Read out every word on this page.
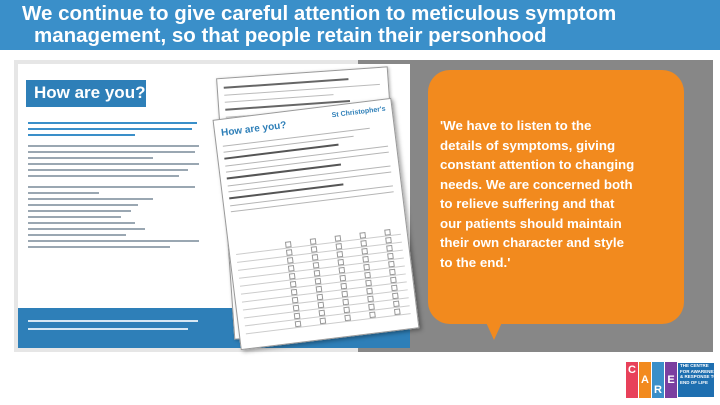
We continue to give careful attention to meticulous symptom
management, so that people retain their personhood
How are you?
How are you?
St Christopher's
'We have to listen to the
details of symptoms, giving
constant attention to changing
needs. We are concerned both
to relieve suffering and that
our patients should maintain
their own character and style
to the end.'
C
A
R
E
THE CENTRE
FOR AWARENESS
& RESPONSE TO
END OF LIFE
